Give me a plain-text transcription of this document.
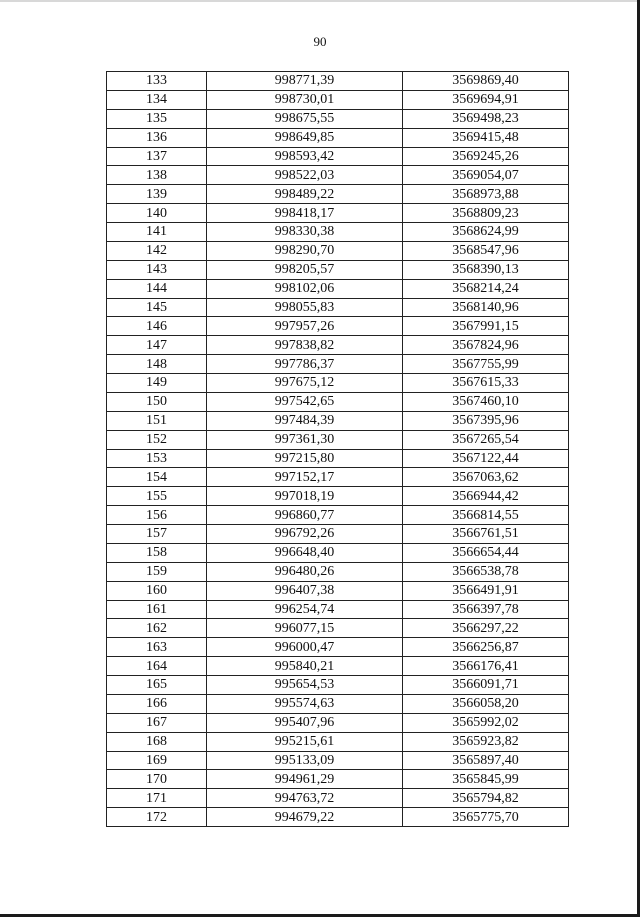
90
133	998771,39	3569869,40
134	998730,01	3569694,91
135	998675,55	3569498,23
136	998649,85	3569415,48
137	998593,42	3569245,26
138	998522,03	3569054,07
139	998489,22	3568973,88
140	998418,17	3568809,23
141	998330,38	3568624,99
142	998290,70	3568547,96
143	998205,57	3568390,13
144	998102,06	3568214,24
145	998055,83	3568140,96
146	997957,26	3567991,15
147	997838,82	3567824,96
148	997786,37	3567755,99
149	997675,12	3567615,33
150	997542,65	3567460,10
151	997484,39	3567395,96
152	997361,30	3567265,54
153	997215,80	3567122,44
154	997152,17	3567063,62
155	997018,19	3566944,42
156	996860,77	3566814,55
157	996792,26	3566761,51
158	996648,40	3566654,44
159	996480,26	3566538,78
160	996407,38	3566491,91
161	996254,74	3566397,78
162	996077,15	3566297,22
163	996000,47	3566256,87
164	995840,21	3566176,41
165	995654,53	3566091,71
166	995574,63	3566058,20
167	995407,96	3565992,02
168	995215,61	3565923,82
169	995133,09	3565897,40
170	994961,29	3565845,99
171	994763,72	3565794,82
172	994679,22	3565775,70
